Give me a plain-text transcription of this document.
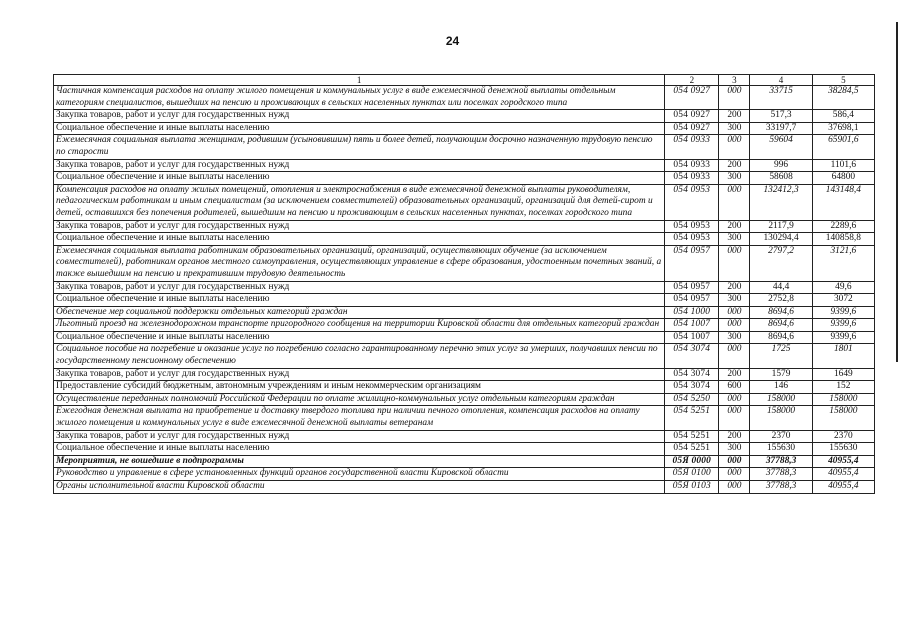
24
1	2	3	4	5
Частичная компенсация расходов на оплату жилого помещения и коммунальных услуг в виде ежемесячной денежной выплаты отдельным категориям специалистов, вышедших на пенсию и проживающих в сельских населенных пунктах или поселках городского типа	054 0927	000	33715	38284,5
Закупка товаров, работ и услуг для государственных нужд	054 0927	200	517,3	586,4
Социальное обеспечение и иные выплаты населению	054 0927	300	33197,7	37698,1
Ежемесячная социальная выплата женщинам, родившим (усыновившим) пять и более детей, получающим досрочно назначенную трудовую пенсию по старости	054 0933	000	59604	65901,6
Закупка товаров, работ и услуг для государственных нужд	054 0933	200	996	1101,6
Социальное обеспечение и иные выплаты населению	054 0933	300	58608	64800
Компенсация расходов на оплату жилых помещений, отопления и электроснабжения в виде ежемесячной денежной выплаты руководителям, педагогическим работникам и иным специалистам (за исключением совместителей) образовательных организаций, организаций для детей-сирот и детей, оставшихся без попечения родителей, вышедшим на пенсию и проживающим в сельских населенных пунктах, поселках городского типа	054 0953	000	132412,3	143148,4
Закупка товаров, работ и услуг для государственных нужд	054 0953	200	2117,9	2289,6
Социальное обеспечение и иные выплаты населению	054 0953	300	130294,4	140858,8
Ежемесячная социальная выплата работникам образовательных организаций, организаций, осуществляющих обучение (за исключением совместителей), работникам органов местного самоуправления, осуществляющих управление в сфере образования, удостоенным почетных званий, а также вышедшим на пенсию и прекратившим трудовую деятельность	054 0957	000	2797,2	3121,6
Закупка товаров, работ и услуг для государственных нужд	054 0957	200	44,4	49,6
Социальное обеспечение и иные выплаты населению	054 0957	300	2752,8	3072
Обеспечение мер социальной поддержки отдельных категорий граждан	054 1000	000	8694,6	9399,6
Льготный проезд на железнодорожном транспорте пригородного сообщения на территории Кировской области для отдельных категорий граждан	054 1007	000	8694,6	9399,6
Социальное обеспечение и иные выплаты населению	054 1007	300	8694,6	9399,6
Социальное пособие на погребение и оказание услуг по погребению согласно гарантированному перечню этих услуг за умерших, получавших пенсии по государственному пенсионному обеспечению	054 3074	000	1725	1801
Закупка товаров, работ и услуг для государственных нужд	054 3074	200	1579	1649
Предоставление субсидий бюджетным, автономным учреждениям и иным некоммерческим организациям	054 3074	600	146	152
Осуществление переданных полномочий Российской Федерации по оплате жилищно-коммунальных услуг отдельным категориям граждан	054 5250	000	158000	158000
Ежегодная денежная выплата на приобретение и доставку твердого топлива при наличии печного отопления, компенсация расходов на оплату жилого помещения и коммунальных услуг в виде ежемесячной денежной выплаты ветеранам	054 5251	000	158000	158000
Закупка товаров, работ и услуг для государственных нужд	054 5251	200	2370	2370
Социальное обеспечение и иные выплаты населению	054 5251	300	155630	155630
Мероприятия, не вошедшие в подпрограммы	05Я 0000	000	37788,3	40955,4
Руководство и управление в сфере установленных функций органов государственной власти Кировской области	05Я 0100	000	37788,3	40955,4
Органы исполнительной власти Кировской области	05Я 0103	000	37788,3	40955,4
